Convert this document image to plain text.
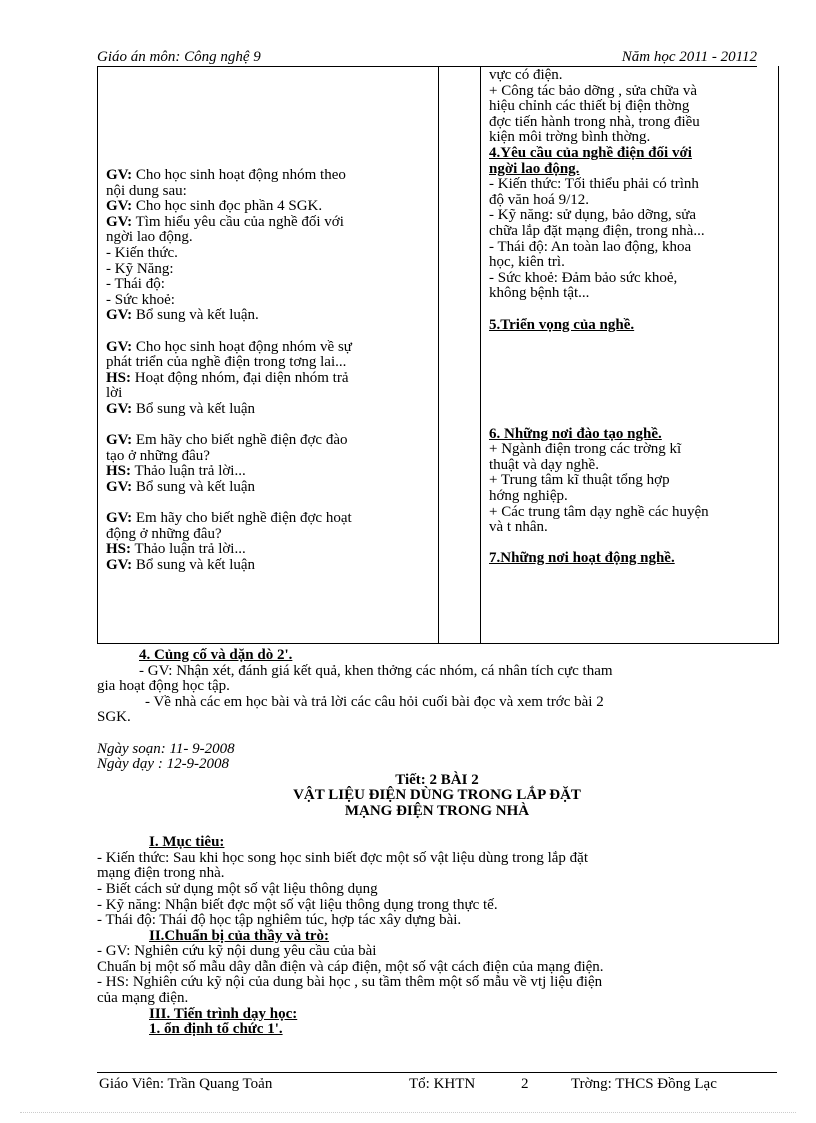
Giáo án môn: Công nghệ 9	Năm học 2011 - 20112
GV: Cho học sinh hoạt động nhóm theo
nội dung sau:
GV: Cho học sinh đọc phần 4 SGK.
GV: Tìm hiểu yêu cầu của nghề đối với
ngời lao động.
- Kiến thức.
- Kỹ Năng:
- Thái độ:
- Sức khoẻ:
GV: Bổ sung và kết luận.
GV: Cho học sinh hoạt động nhóm về sự
phát triển của nghề điện trong tơng lai...
HS: Hoạt động nhóm, đại diện nhóm trả
lời
GV: Bổ sung và kết luận
GV: Em hãy cho biết nghề điện đợc đào
tạo ở những đâu?
HS: Thảo luận trả lời...
GV: Bổ sung và kết luận
GV: Em hãy cho biết nghề điện đợc hoạt
động ở những đâu?
HS: Thảo luận trả lời...
GV: Bổ sung và kết luận
vực có điện.
+ Công tác bảo dỡng , sửa chữa và
hiệu chỉnh các thiết bị điện thờng
đợc tiến hành trong nhà, trong điều
kiện môi trờng bình thờng.
4.Yêu cầu của nghề điện đối với
ngời lao động.
- Kiến thức: Tối thiểu phải có trình
độ văn hoá 9/12.
- Kỹ năng: sử dụng, bảo dỡng, sửa
chữa lắp đặt mạng điện, trong nhà...
- Thái độ: An toàn lao động, khoa
học, kiên trì.
- Sức khoẻ: Đảm bảo sức khoẻ,
không bệnh tật...
5.Triển vọng của nghề.
6. Những nơi đào tạo nghề.
+ Ngành điện trong các trờng kĩ
thuật và dạy nghề.
+ Trung tâm kĩ thuật tổng hợp
hớng nghiệp.
+ Các trung tâm dạy nghề các huyện
và t nhân.
7.Những nơi hoạt động nghề.
4. Củng cố và dặn dò 2'.
- GV: Nhận xét, đánh giá kết quả, khen thởng các nhóm, cá nhân tích cực tham
gia hoạt động học tập.
- Về nhà các em học bài và trả lời các câu hỏi cuối bài đọc và xem trớc bài 2
SGK.
Ngày soạn: 11- 9-2008
Ngày dạy : 12-9-2008
Tiết: 2 BÀI 2
VẬT LIỆU ĐIỆN DÙNG TRONG LẮP ĐẶT
MẠNG ĐIỆN TRONG NHÀ
I. Mục tiêu:
- Kiến thức: Sau khi học song học sinh biết đợc một số vật liệu dùng trong lắp đặt
mạng điện trong nhà.
- Biết cách sử dụng một số vật liệu thông dụng
- Kỹ năng: Nhận biết đợc một số vật liệu thông dụng trong thực tế.
- Thái độ: Thái độ học tập nghiêm túc, hợp tác xây dựng bài.
II.Chuẩn bị của thầy và trò:
- GV: Nghiên cứu kỹ nội dung yêu cầu của bài
Chuẩn bị một số mẫu dây dẫn điện và cáp điện, một số vật cách điện của mạng điện.
- HS: Nghiên cứu kỹ nội của dung bài học , su tầm thêm một số mẫu về vtj liệu điện
của mạng điện.
III. Tiến trình dạy học:
1. ổn định tổ chức 1'.
Giáo Viên: Trần Quang Toản	Tổ: KHTN	2	Trờng: THCS Đồng Lạc
